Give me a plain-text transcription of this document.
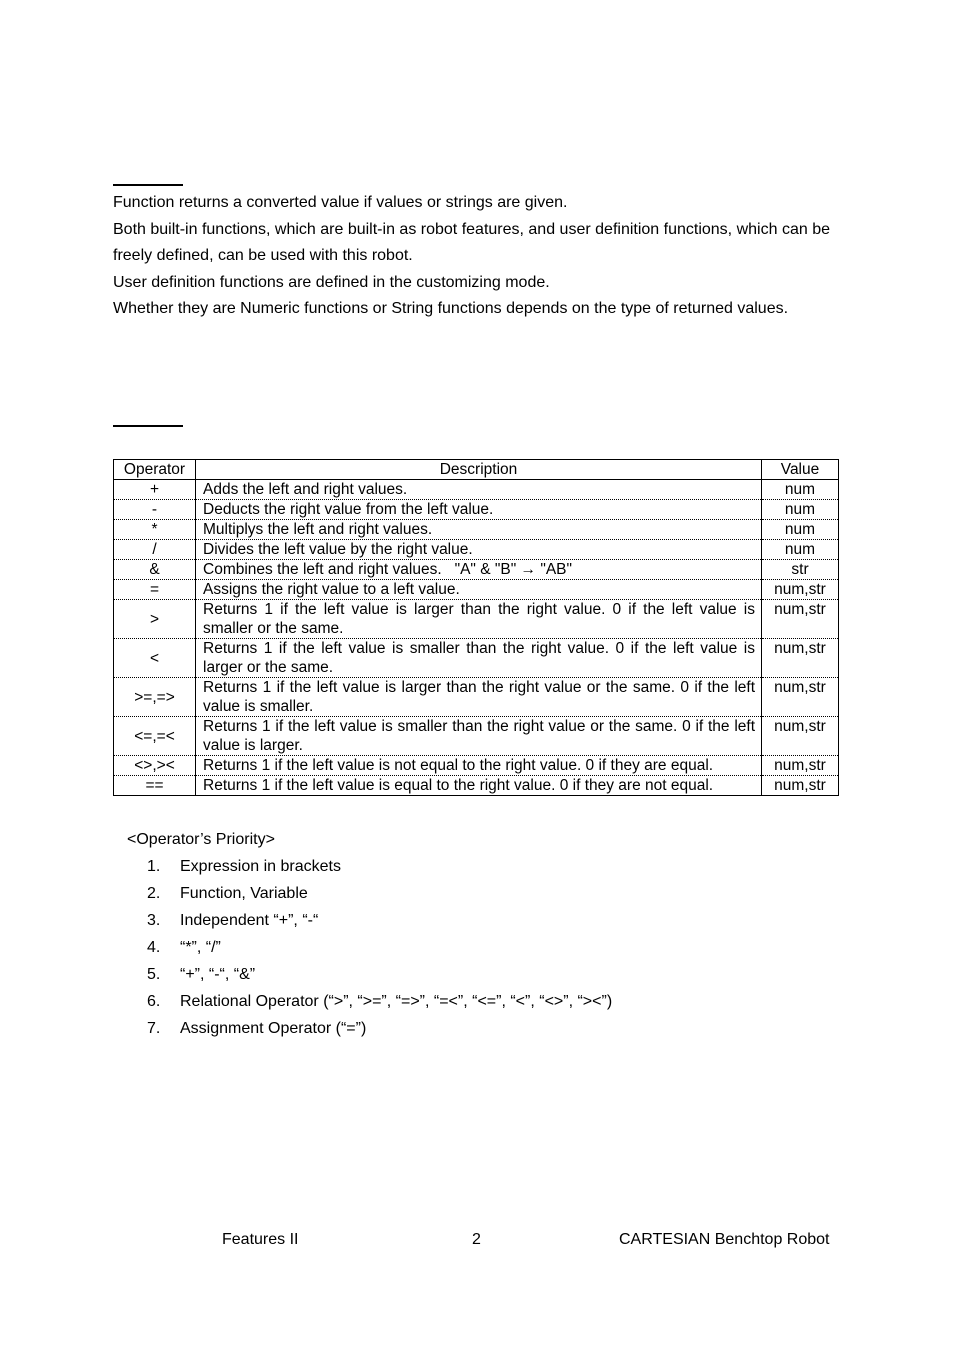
Function returns a converted value if values or strings are given.

Both built-in functions, which are built-in as robot features, and user definition functions, which can be freely defined, can be used with this robot.

User definition functions are defined in the customizing mode.

Whether they are Numeric functions or String functions depends on the type of returned values.

Operator	Description	Value
+	Adds the left and right values.	num
-	Deducts the right value from the left value.	num
*	Multiplys the left and right values.	num
/	Divides the left value by the right value.	num
&	Combines the left and right values.   "A" & "B" → "AB"	str
=	Assigns the right value to a left value.	num,str
>	Returns 1 if the left value is larger than the right value. 0 if the left value is smaller or the same.	num,str
<	Returns 1 if the left value is smaller than the right value. 0 if the left value is larger or the same.	num,str
>=,=>	Returns 1 if the left value is larger than the right value or the same. 0 if the left value is smaller.	num,str
<=,=<	Returns 1 if the left value is smaller than the right value or the same. 0 if the left value is larger.	num,str
<>,><	Returns 1 if the left value is not equal to the right value. 0 if they are equal.	num,str
==	Returns 1 if the left value is equal to the right value. 0 if they are not equal.	num,str
<Operator’s Priority>
1. Expression in brackets
2. Function, Variable
3. Independent “+”, “-“
4. “*”, “/”
5. “+”, “-“, “&”
6. Relational Operator (“>”, “>=”, “=>”, “=<”, “<=”, “<”, “<>”, “><”)
7. Assignment Operator (“=”)
Features II	2	CARTESIAN Benchtop Robot
